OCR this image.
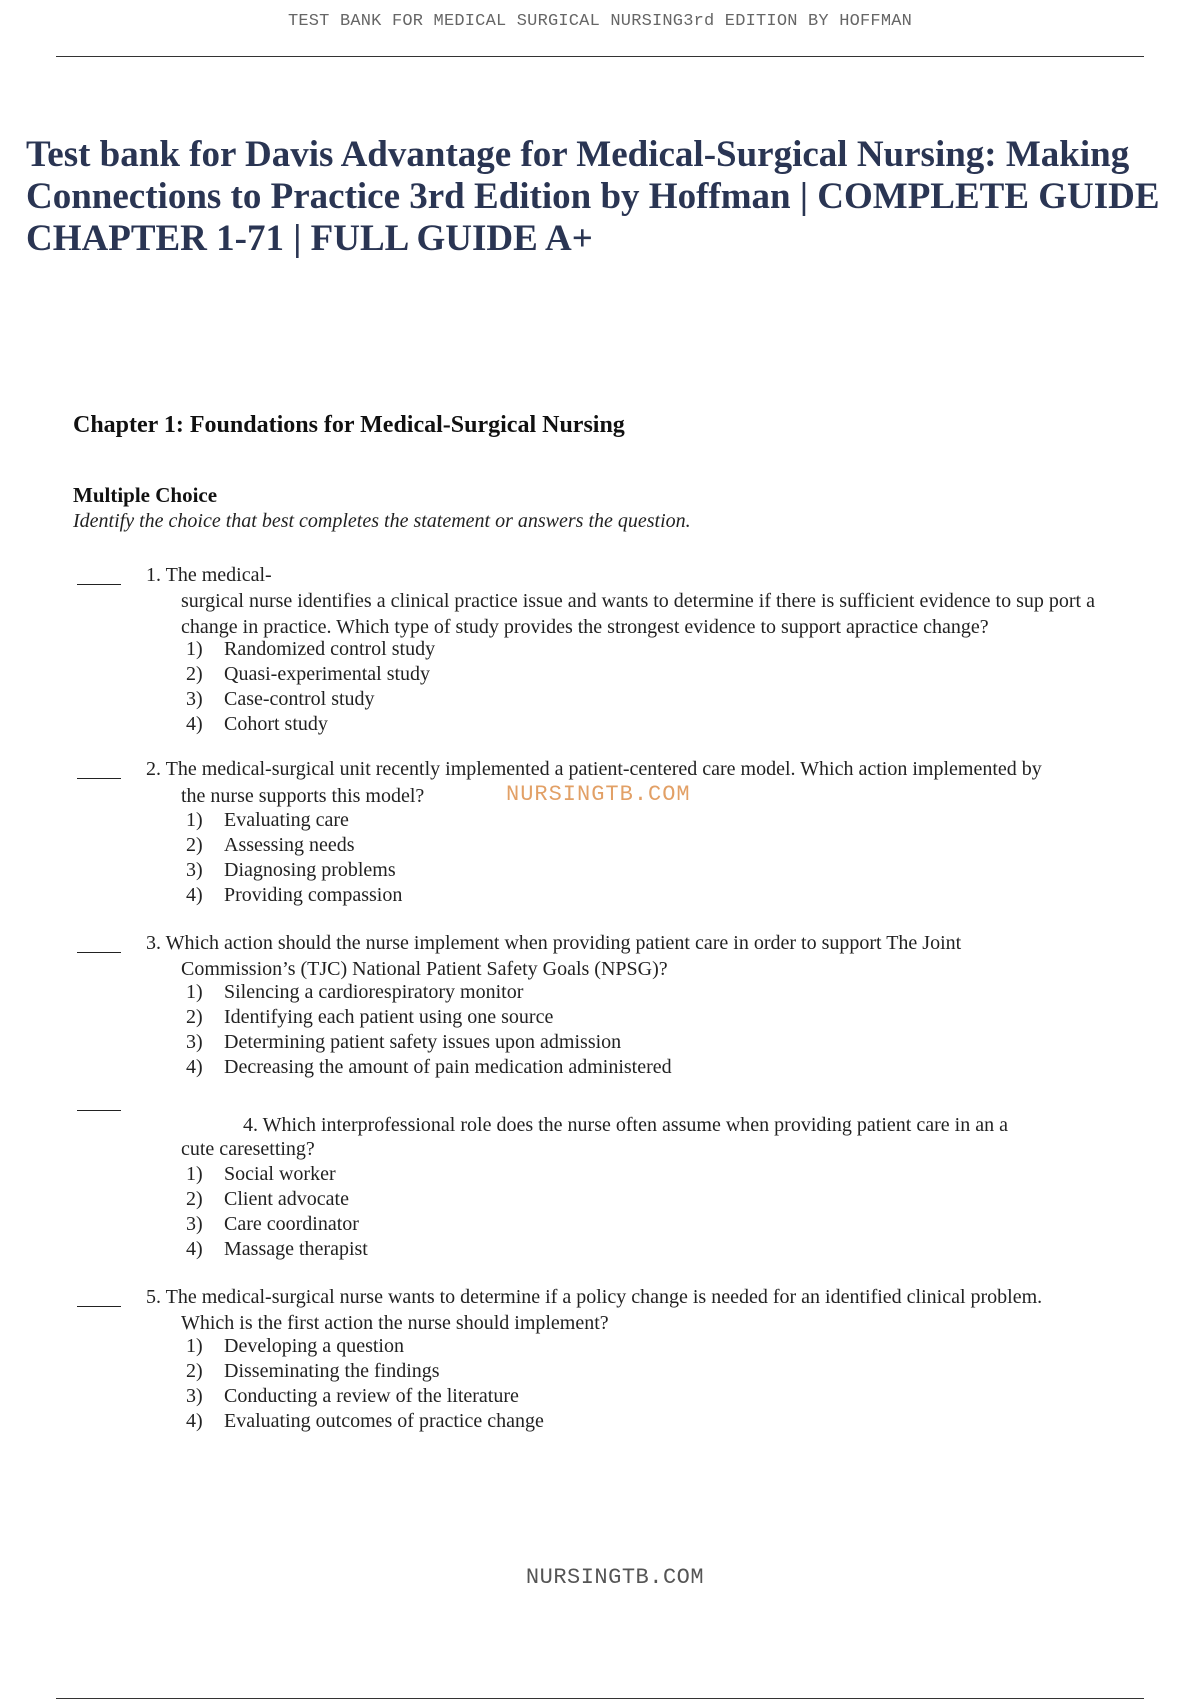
TEST BANK FOR MEDICAL SURGICAL NURSING3rd EDITION BY HOFFMAN
Test bank for Davis Advantage for Medical-Surgical Nursing: Making Connections to Practice 3rd Edition by Hoffman | COMPLETE GUIDE CHAPTER 1-71 | FULL GUIDE A+
Chapter 1: Foundations for Medical-Surgical Nursing
Multiple Choice
Identify the choice that best completes the statement or answers the question.

1. The medical-

surgical nurse identifies a clinical practice issue and wants to determine if there is sufficient evidence to sup port a change in practice. Which type of study provides the strongest evidence to support apractice change?

1) Randomized control study
2) Quasi-experimental study
3) Case-control study
4) Cohort study

2. The medical-surgical unit recently implemented a patient-centered care model. Which action implemented by

the nurse supports this model?

1) Evaluating care
2) Assessing needs
3) Diagnosing problems
4) Providing compassion
NURSINGTB.COM

3. Which action should the nurse implement when providing patient care in order to support The Joint

Commission’s (TJC) National Patient Safety Goals (NPSG)?

1) Silencing a cardiorespiratory monitor
2) Identifying each patient using one source
3) Determining patient safety issues upon admission
4) Decreasing the amount of pain medication administered

4. Which interprofessional role does the nurse often assume when providing patient care in an a

cute caresetting?

1) Social worker
2) Client advocate
3) Care coordinator
4) Massage therapist

5. The medical-surgical nurse wants to determine if a policy change is needed for an identified clinical problem.

Which is the first action the nurse should implement?

1) Developing a question
2) Disseminating the findings
3) Conducting a review of the literature
4) Evaluating outcomes of practice change
NURSINGTB.COM
